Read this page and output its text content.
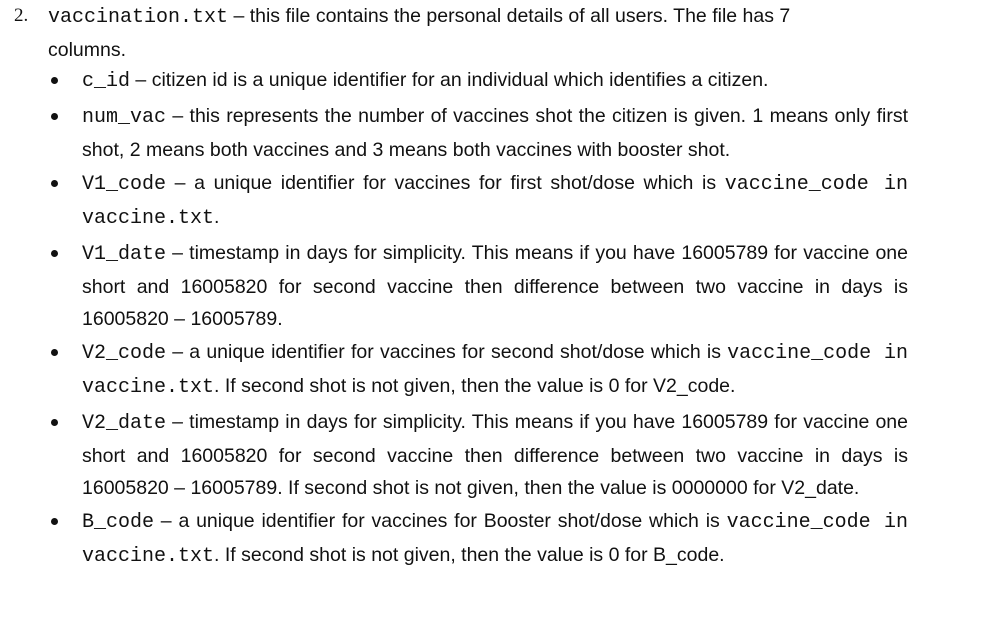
2. vaccination.txt – this file contains the personal details of all users. The file has 7
columns.
c_id – citizen id is a unique identifier for an individual which identifies a citizen.
num_vac – this represents the number of vaccines shot the citizen is given. 1 means only first shot, 2 means both vaccines and 3 means both vaccines with booster shot.
V1_code – a unique identifier for vaccines for first shot/dose which is vaccine_code in vaccine.txt.
V1_date – timestamp in days for simplicity. This means if you have 16005789 for vaccine one short and 16005820 for second vaccine then difference between two vaccine in days is 16005820 – 16005789.
V2_code – a unique identifier for vaccines for second shot/dose which is vaccine_code in vaccine.txt. If second shot is not given, then the value is 0 for V2_code.
V2_date – timestamp in days for simplicity. This means if you have 16005789 for vaccine one short and 16005820 for second vaccine then difference between two vaccine in days is 16005820 – 16005789. If second shot is not given, then the value is 0000000 for V2_date.
B_code – a unique identifier for vaccines for Booster shot/dose which is vaccine_code in vaccine.txt. If second shot is not given, then the value is 0 for B_code.
